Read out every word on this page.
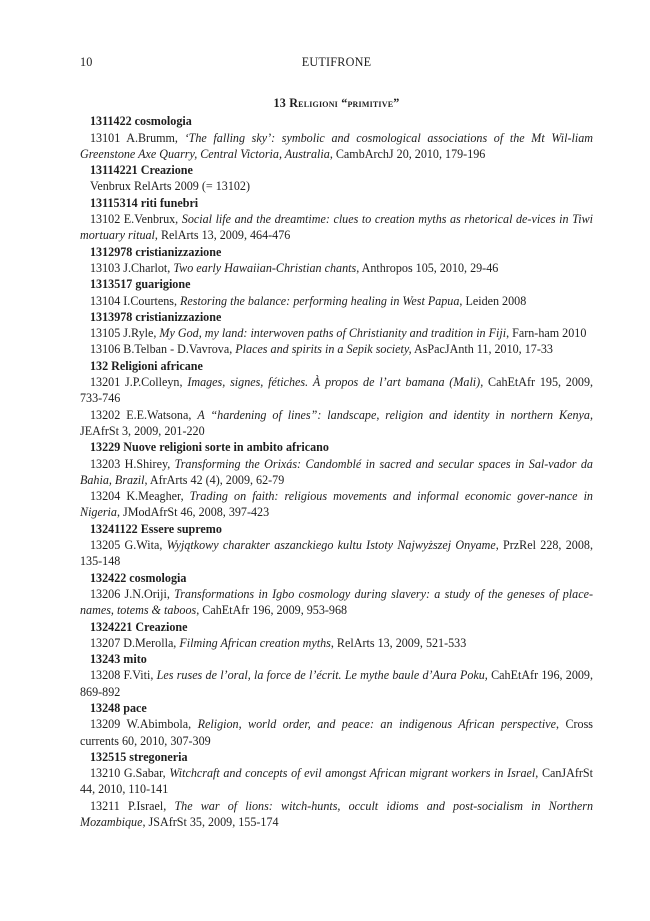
10	EUTIFRONE
13 Religioni “primitive”
1311422 cosmologia
13101 A.Brumm, ‘The falling sky’: symbolic and cosmological associations of the Mt Wil-liam Greenstone Axe Quarry, Central Victoria, Australia, CambArchJ 20, 2010, 179-196
13114221 Creazione
Venbrux RelArts 2009 (= 13102)
13115314 riti funebri
13102 E.Venbrux, Social life and the dreamtime: clues to creation myths as rhetorical de-vices in Tiwi mortuary ritual, RelArts 13, 2009, 464-476
1312978 cristianizzazione
13103 J.Charlot, Two early Hawaiian-Christian chants, Anthropos 105, 2010, 29-46
1313517 guarigione
13104 I.Courtens, Restoring the balance: performing healing in West Papua, Leiden 2008
1313978 cristianizzazione
13105 J.Ryle, My God, my land: interwoven paths of Christianity and tradition in Fiji, Farn-ham 2010
13106 B.Telban - D.Vavrova, Places and spirits in a Sepik society, AsPacJAnth 11, 2010, 17-33
132 Religioni africane
13201 J.P.Colleyn, Images, signes, fétiches. À propos de l’art bamana (Mali), CahEtAfr 195, 2009, 733-746
13202 E.E.Watsona, A “hardening of lines”: landscape, religion and identity in northern Kenya, JEAfrSt 3, 2009, 201-220
13229 Nuove religioni sorte in ambito africano
13203 H.Shirey, Transforming the Orixás: Candomblé in sacred and secular spaces in Sal-vador da Bahia, Brazil, AfrArts 42 (4), 2009, 62-79
13204 K.Meagher, Trading on faith: religious movements and informal economic gover-nance in Nigeria, JModAfrSt 46, 2008, 397-423
13241122 Essere supremo
13205 G.Wita, Wyjątkowy charakter aszanckiego kultu Istoty Najwyższej Onyame, PrzRel 228, 2008, 135-148
132422 cosmologia
13206 J.N.Oriji, Transformations in Igbo cosmology during slavery: a study of the geneses of place-names, totems & taboos, CahEtAfr 196, 2009, 953-968
1324221 Creazione
13207 D.Merolla, Filming African creation myths, RelArts 13, 2009, 521-533
13243 mito
13208 F.Viti, Les ruses de l’oral, la force de l’écrit. Le mythe baule d’Aura Poku, CahEtAfr 196, 2009, 869-892
13248 pace
13209 W.Abimbola, Religion, world order, and peace: an indigenous African perspective, Cross currents 60, 2010, 307-309
132515 stregoneria
13210 G.Sabar, Witchcraft and concepts of evil amongst African migrant workers in Israel, CanJAfrSt 44, 2010, 110-141
13211 P.Israel, The war of lions: witch-hunts, occult idioms and post-socialism in Northern Mozambique, JSAfrSt 35, 2009, 155-174
